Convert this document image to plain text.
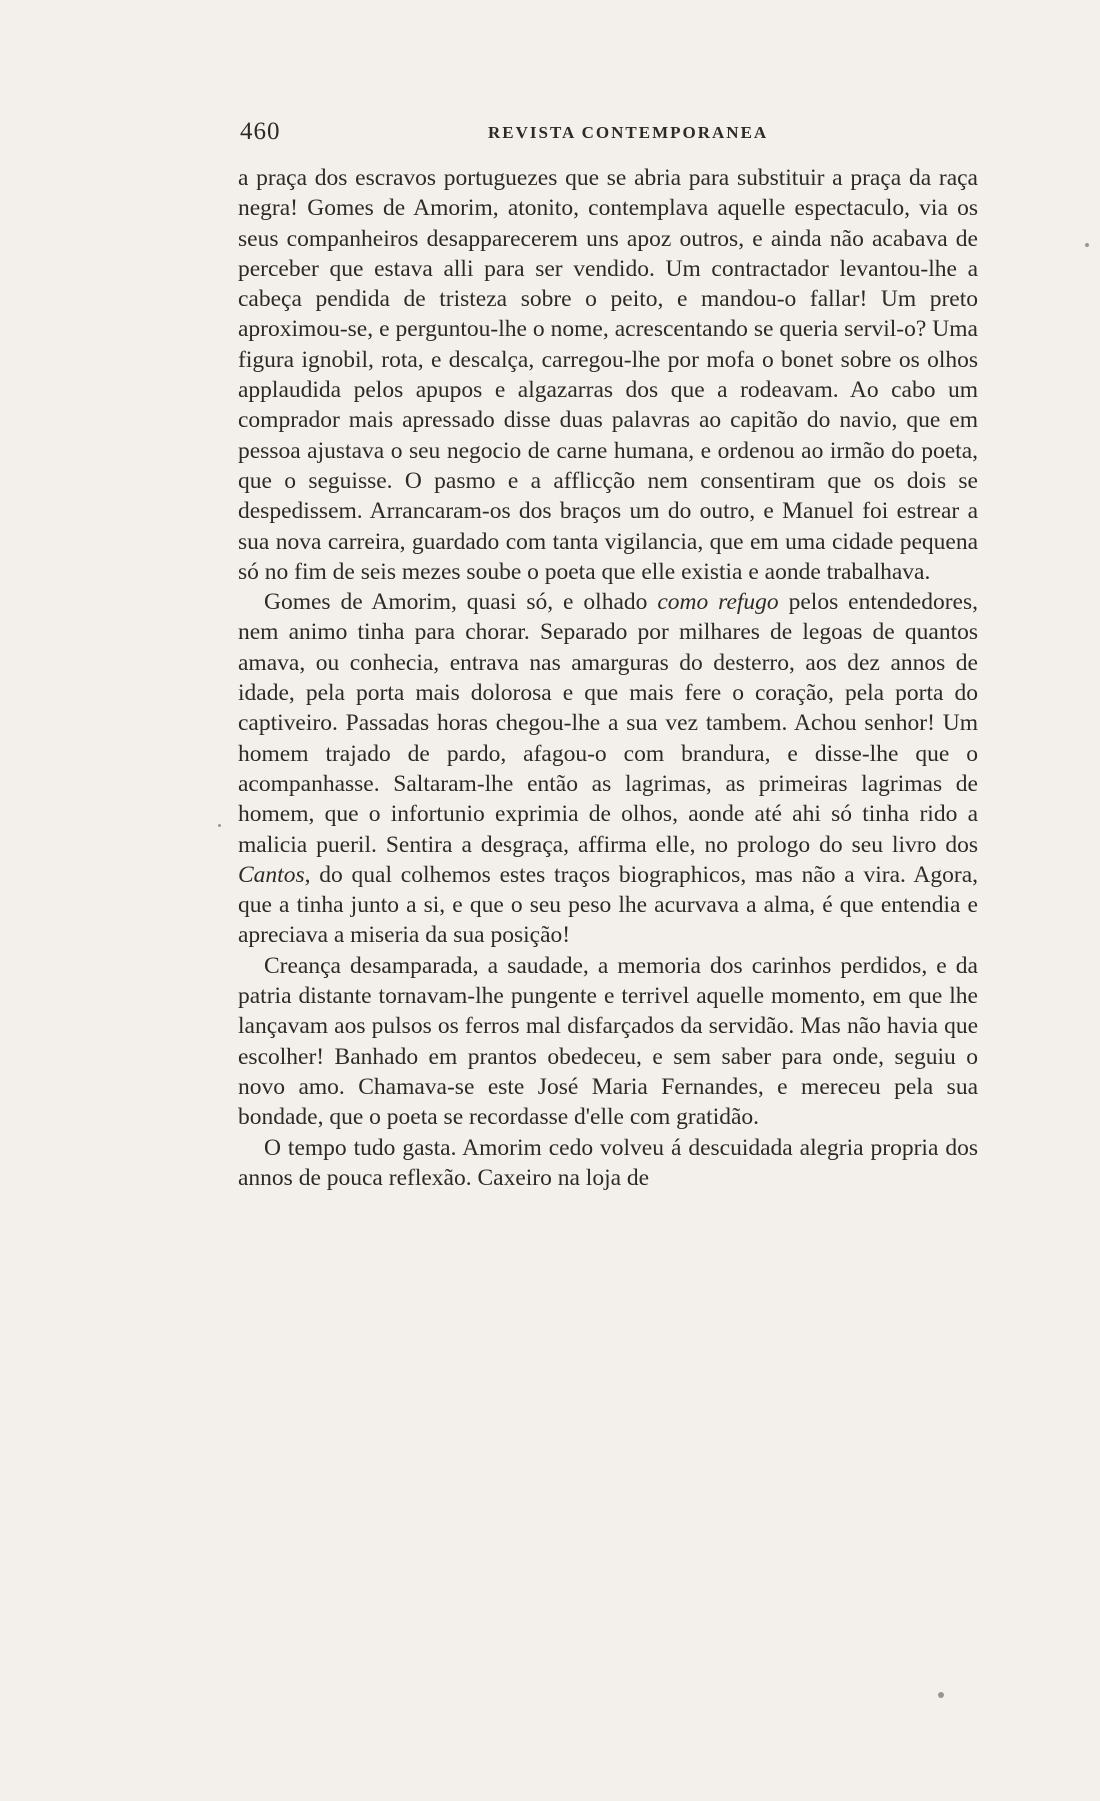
460	REVISTA CONTEMPORANEA

a praça dos escravos portuguezes que se abria para substituir a praça da raça negra! Gomes de Amorim, atonito, contemplava aquelle espectaculo, via os seus companheiros desapparecerem uns apoz outros, e ainda não acabava de perceber que estava alli para ser vendido. Um contractador levantou-lhe a cabeça pendida de tristeza sobre o peito, e mandou-o fallar! Um preto aproximou-se, e perguntou-lhe o nome, acrescentando se queria servil-o? Uma figura ignobil, rota, e descalça, carregou-lhe por mofa o bonet sobre os olhos applaudida pelos apupos e algazarras dos que a rodeavam. Ao cabo um comprador mais apressado disse duas palavras ao capitão do navio, que em pessoa ajustava o seu negocio de carne humana, e ordenou ao irmão do poeta, que o seguisse. O pasmo e a afflicção nem consentiram que os dois se despedissem. Arrancaram-os dos braços um do outro, e Manuel foi estrear a sua nova carreira, guardado com tanta vigilancia, que em uma cidade pequena só no fim de seis mezes soube o poeta que elle existia e aonde trabalhava.

Gomes de Amorim, quasi só, e olhado como refugo pelos entendedores, nem animo tinha para chorar. Separado por milhares de legoas de quantos amava, ou conhecia, entrava nas amarguras do desterro, aos dez annos de idade, pela porta mais dolorosa e que mais fere o coração, pela porta do captiveiro. Passadas horas chegou-lhe a sua vez tambem. Achou senhor! Um homem trajado de pardo, afagou-o com brandura, e disse-lhe que o acompanhasse. Saltaram-lhe então as lagrimas, as primeiras lagrimas de homem, que o infortunio exprimia de olhos, aonde até ahi só tinha rido a malicia pueril. Sentira a desgraça, affirma elle, no prologo do seu livro dos Cantos, do qual colhemos estes traços biographicos, mas não a vira. Agora, que a tinha junto a si, e que o seu peso lhe acurvava a alma, é que entendia e apreciava a miseria da sua posição!

Creança desamparada, a saudade, a memoria dos carinhos perdidos, e da patria distante tornavam-lhe pungente e terrivel aquelle momento, em que lhe lançavam aos pulsos os ferros mal disfarçados da servidão. Mas não havia que escolher! Banhado em prantos obedeceu, e sem saber para onde, seguiu o novo amo. Chamava-se este José Maria Fernandes, e mereceu pela sua bondade, que o poeta se recordasse d'elle com gratidão.

O tempo tudo gasta. Amorim cedo volveu á descuidada alegria propria dos annos de pouca reflexão. Caxeiro na loja de
